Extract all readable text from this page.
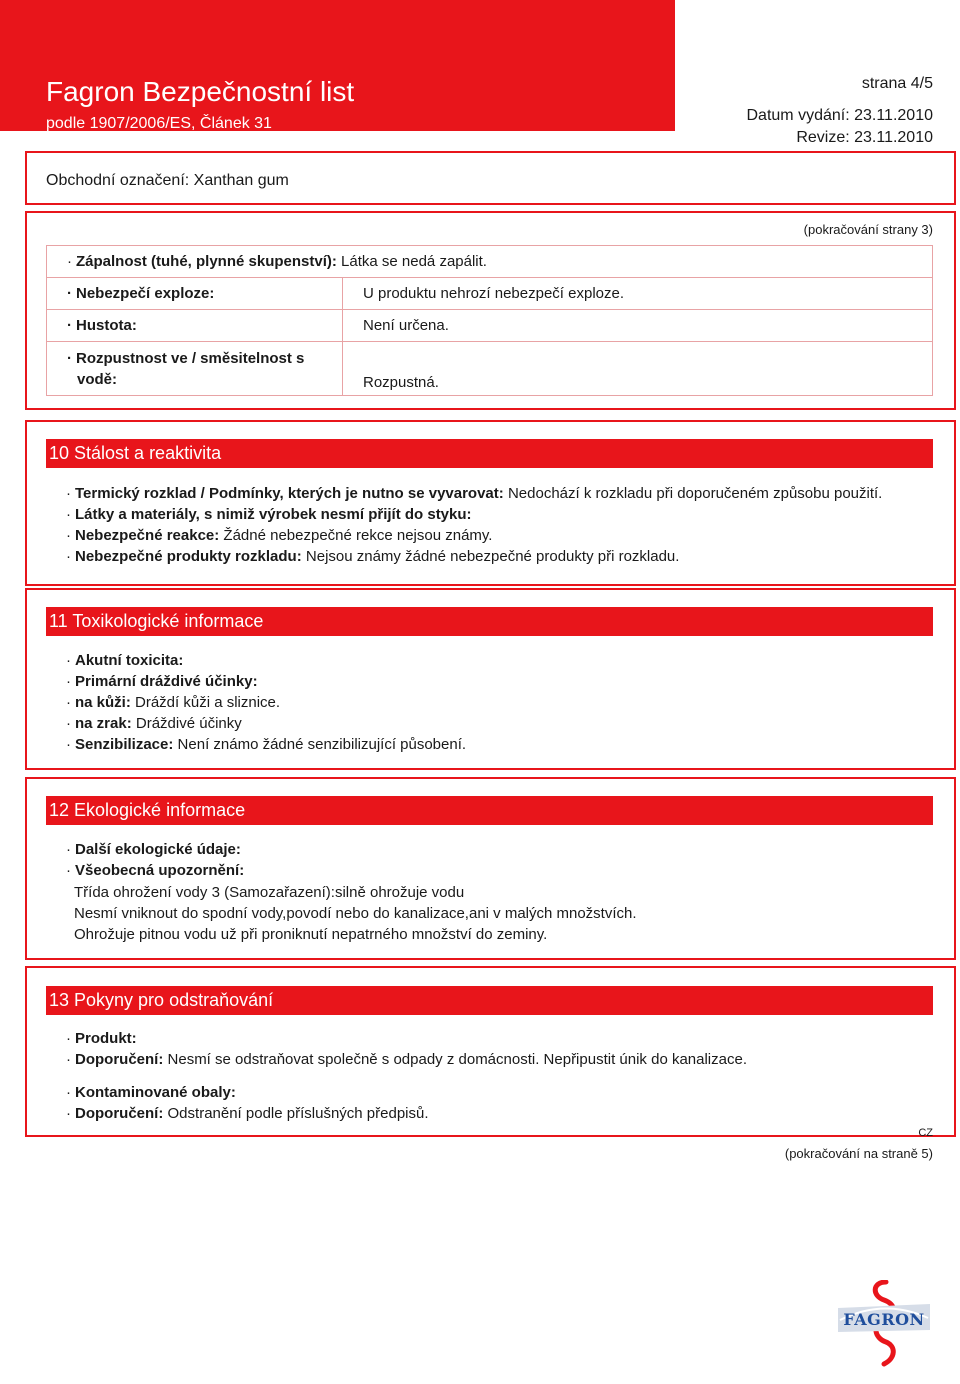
Fagron Bezpečnostní list
podle 1907/2006/ES, Článek 31
strana 4/5
Datum vydání: 23.11.2010
Revize: 23.11.2010
Obchodní označení: Xanthan gum
(pokračování strany 3)
· Zápalnost (tuhé, plynné skupenství): Látka se nedá zapálit.	
· Nebezpečí exploze:	U produktu nehrozí nebezpečí exploze.
· Hustota:	Není určena.
· Rozpustnost ve / směsitelnost s
vodě:	Rozpustná.
10 Stálost a reaktivita
· Termický rozklad / Podmínky, kterých je nutno se vyvarovat: Nedochází k rozkladu při doporučeném způsobu použití.
· Látky a materiály, s nimiž výrobek nesmí přijít do styku:
· Nebezpečné reakce: Žádné nebezpečné rekce nejsou známy.
· Nebezpečné produkty rozkladu: Nejsou známy žádné nebezpečné produkty při rozkladu.
11 Toxikologické informace
· Akutní toxicita:
· Primární dráždivé účinky:
· na kůži: Dráždí kůži a sliznice.
· na zrak: Dráždivé účinky
· Senzibilizace: Není známo žádné senzibilizující působení.
12 Ekologické informace
· Další ekologické údaje:
· Všeobecná upozornění:
Třída ohrožení vody 3 (Samozařazení):silně ohrožuje vodu
Nesmí vniknout do spodní vody,povodí nebo do kanalizace,ani v malých množstvích.
Ohrožuje pitnou vodu už při proniknutí nepatrného množství do zeminy.
13 Pokyny pro odstraňování
· Produkt:
· Doporučení: Nesmí se odstraňovat společně s odpady z domácnosti. Nepřipustit únik do kanalizace.
· Kontaminované obaly:
· Doporučení: Odstranění podle příslušných předpisů.
CZ
(pokračování na straně 5)
FAGRON
